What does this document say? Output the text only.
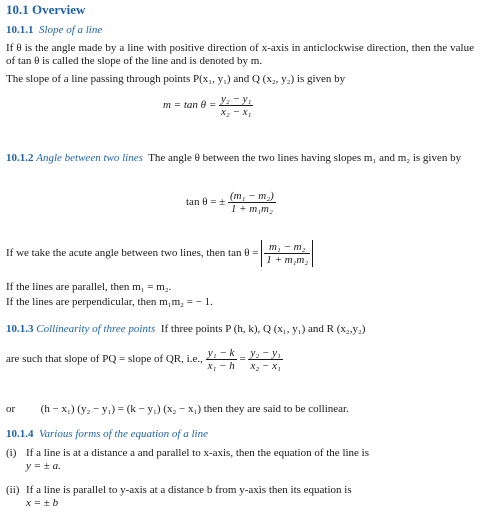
10.1 Overview
10.1.1 Slope of a line
If θ is the angle made by a line with positive direction of x-axis in anticlockwise direction, then the value of tan θ is called the slope of the line and is denoted by m.
The slope of a line passing through points P(x₁, y₁) and Q (x₂, y₂) is given by
$m = \tan \theta = \frac{\text{y₂ − y₁}}{\text{x₂ − x₁}}$
10.1.2 Angle between two lines The angle θ between the two lines having slopes m₁ and m₂ is given by
tan θ = ± $\frac{\text{(m₁ − m₂)}}{\text{1 + m₁m₂}}$
If we take the acute angle between two lines, then $\tan \theta = \frac{\text{m₁ − m₂}}{\text{1 + m₁m₂}}$
If the lines are parallel, then m₁ = m₂.
If the lines are perpendicular, then m₁m₂ = − 1.
10.1.3 Collinearity of three points If three points P (h, k), Q (x₁, y₁) and R (x₂,y₂)
are such that slope of PQ = slope of QR, i.e., $\frac{\text{y₁ − k}}{\text{x₁ − h}} = \frac{\text{y₂ − y₁}}{\text{x₂ − x₁}}$
or (h − x₁) (y₂ − y₁) = (k − y₁) (x₂ − x₁) then they are said to be collinear.
10.1.4 Various forms of the equation of a line
(i) If a line is at a distance a and parallel to x-axis, then the equation of the line is
y = ± a.
(ii) If a line is parallel to y-axis at a distance b from y-axis then its equation is
x = ± b
